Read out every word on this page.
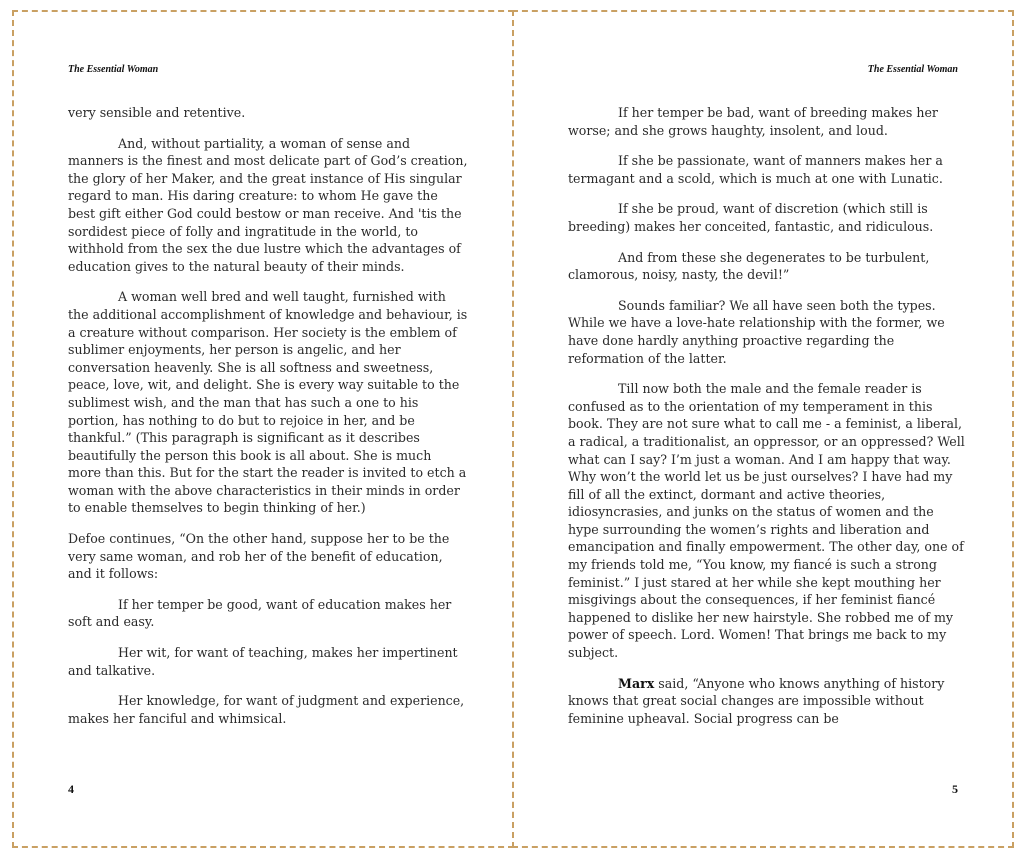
The Essential Woman

very sensible and retentive.

And, without partiality, a woman of sense and manners is the finest and most delicate part of God’s creation, the glory of her Maker, and the great instance of His singular regard to man. His daring creature: to whom He gave the best gift either God could bestow or man receive. And 'tis the sordidest piece of folly and ingratitude in the world, to withhold from the sex the due lustre which the advantages of education gives to the natural beauty of their minds.

A woman well bred and well taught, furnished with the additional accomplishment of knowledge and behaviour, is a creature without comparison. Her society is the emblem of sublimer enjoyments, her person is angelic, and her conversation heavenly. She is all softness and sweetness, peace, love, wit, and delight. She is every way suitable to the sublimest wish, and the man that has such a one to his portion, has nothing to do but to rejoice in her, and be thankful.” (This paragraph is significant as it describes beautifully the person this book is all about. She is much more than this. But for the start the reader is invited to etch a woman with the above characteristics in their minds in order to enable themselves to begin thinking of her.)

Defoe continues, “On the other hand, suppose her to be the very same woman, and rob her of the benefit of education, and it follows:

If her temper be good, want of education makes her soft and easy.

Her wit, for want of teaching, makes her impertinent and talkative.

Her knowledge, for want of judgment and experience, makes her fanciful and whimsical.

4
The Essential Woman

If her temper be bad, want of breeding makes her worse; and she grows haughty, insolent, and loud.

If she be passionate, want of manners makes her a termagant and a scold, which is much at one with Lunatic.

If she be proud, want of discretion (which still is breeding) makes her conceited, fantastic, and ridiculous.

And from these she degenerates to be turbulent, clamorous, noisy, nasty, the devil!”

Sounds familiar? We all have seen both the types. While we have a love-hate relationship with the former, we have done hardly anything proactive regarding the reformation of the latter.

Till now both the male and the female reader is confused as to the orientation of my temperament in this book. They are not sure what to call me - a feminist, a liberal, a radical, a traditionalist, an oppressor, or an oppressed? Well what can I say? I’m just a woman. And I am happy that way. Why won’t the world let us be just ourselves? I have had my fill of all the extinct, dormant and active theories, idiosyncrasies, and junks on the status of women and the hype surrounding the women’s rights and liberation and emancipation and finally empowerment. The other day, one of my friends told me, “You know, my fiancé is such a strong feminist.” I just stared at her while she kept mouthing her misgivings about the consequences, if her feminist fiancé happened to dislike her new hairstyle. She robbed me of my power of speech. Lord. Women! That brings me back to my subject.

Marx said, “Anyone who knows anything of history knows that great social changes are impossible without feminine upheaval. Social progress can be

5
